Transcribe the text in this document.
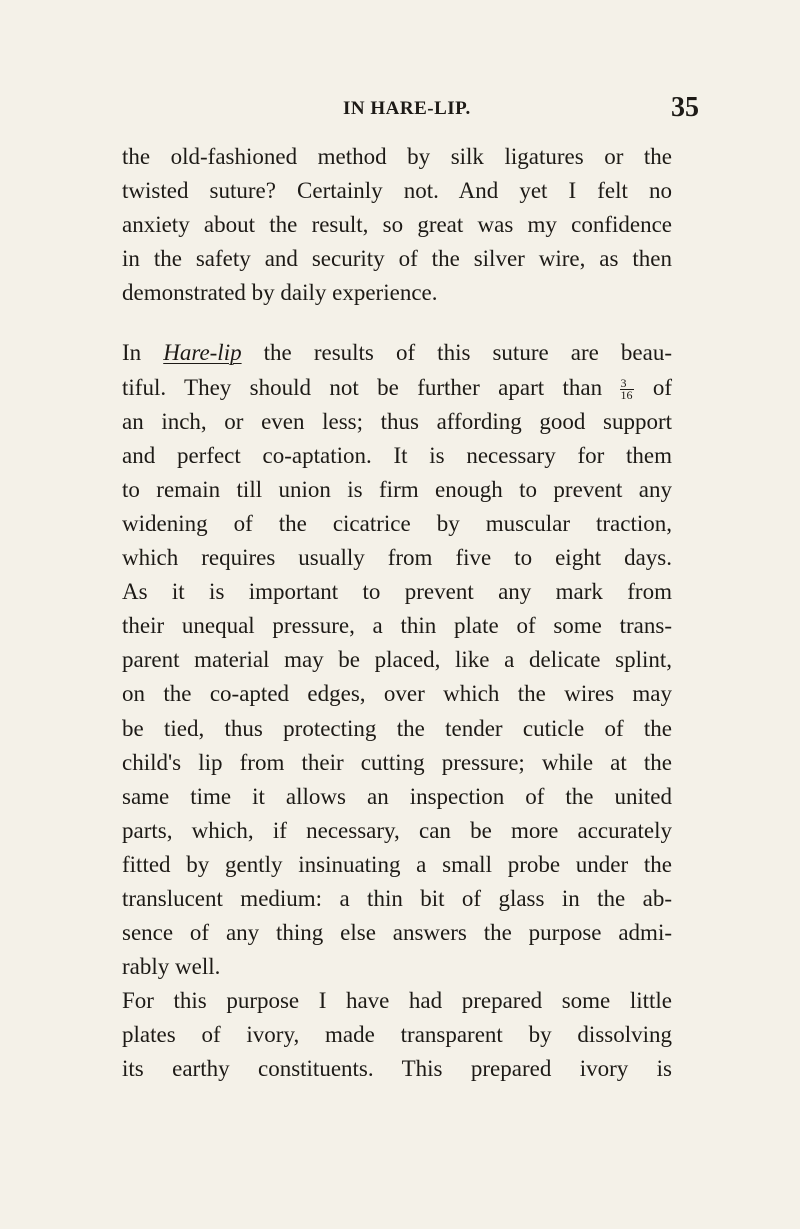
IN HARE-LIP.	35
the old-fashioned method by silk ligatures or the
twisted suture? Certainly not. And yet I felt no
anxiety about the result, so great was my confidence
in the safety and security of the silver wire, as then
demonstrated by daily experience.
In Hare-lip the results of this suture are beau-
tiful. They should not be further apart than $\frac{3}{16}$ of
an inch, or even less; thus affording good support
and perfect co-aptation. It is necessary for them
to remain till union is firm enough to prevent any
widening of the cicatrice by muscular traction,
which requires usually from five to eight days.
As it is important to prevent any mark from
their unequal pressure, a thin plate of some trans-
parent material may be placed, like a delicate splint,
on the co-apted edges, over which the wires may
be tied, thus protecting the tender cuticle of the
child's lip from their cutting pressure; while at the
same time it allows an inspection of the united
parts, which, if necessary, can be more accurately
fitted by gently insinuating a small probe under the
translucent medium: a thin bit of glass in the ab-
sence of any thing else answers the purpose admi-
rably well.
For this purpose I have had prepared some little
plates of ivory, made transparent by dissolving
its earthy constituents. This prepared ivory is
